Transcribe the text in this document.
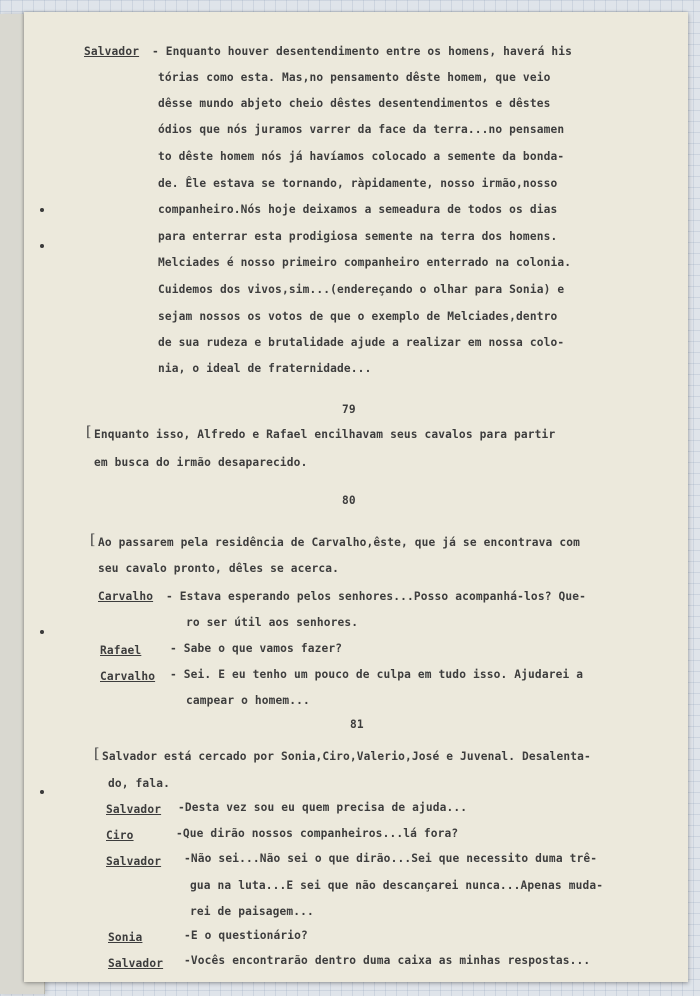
Salvador - Enquanto houver desentendimento entre os homens, haverá his
tórias como esta. Mas,no pensamento dêste homem, que veio
dêsse mundo abjeto cheio dêstes desentendimentos e dêstes
ódios que nós juramos varrer da face da terra...no pensamen
to dêste homem nós já havíamos colocado a semente da bonda-
de. Êle estava se tornando, ràpidamente, nosso irmão,nosso
companheiro.Nós hoje deixamos a semeadura de todos os dias
para enterrar esta prodigiosa semente na terra dos homens.
Melciades é nosso primeiro companheiro enterrado na colonia.
Cuidemos dos vivos,sim...(endereçando o olhar para Sonia) e
sejam nossos os votos de que o exemplo de Melciades,dentro
de sua rudeza e brutalidade ajude a realizar em nossa colo-
nia, o ideal de fraternidade...
79
[ Enquanto isso, Alfredo e Rafael encilhavam seus cavalos para partir
em busca do irmão desaparecido.
80
[ Ao passarem pela residência de Carvalho,êste, que já se encontrava com
seu cavalo pronto, dêles se acerca.
Carvalho - Estava esperando pelos senhores...Posso acompanhá-los? Que-
ro ser útil aos senhores.
Rafael	- Sabe o que vamos fazer?
Carvalho - Sei. E eu tenho um pouco de culpa em tudo isso. Ajudarei a
campear o homem...
81
[ Salvador está cercado por Sonia,Ciro,Valerio,José e Juvenal. Desalenta-
do, fala.
Salvador -Desta vez sou eu quem precisa de ajuda...
Ciro	-Que dirão nossos companheiros...lá fora?
Salvador -Não sei...Não sei o que dirão...Sei que necessito duma trê-
gua na luta...E sei que não descançarei nunca...Apenas muda-
rei de paisagem...
Sonia	-E o questionário?
Salvador -Vocês encontrarão dentro duma caixa as minhas respostas...
